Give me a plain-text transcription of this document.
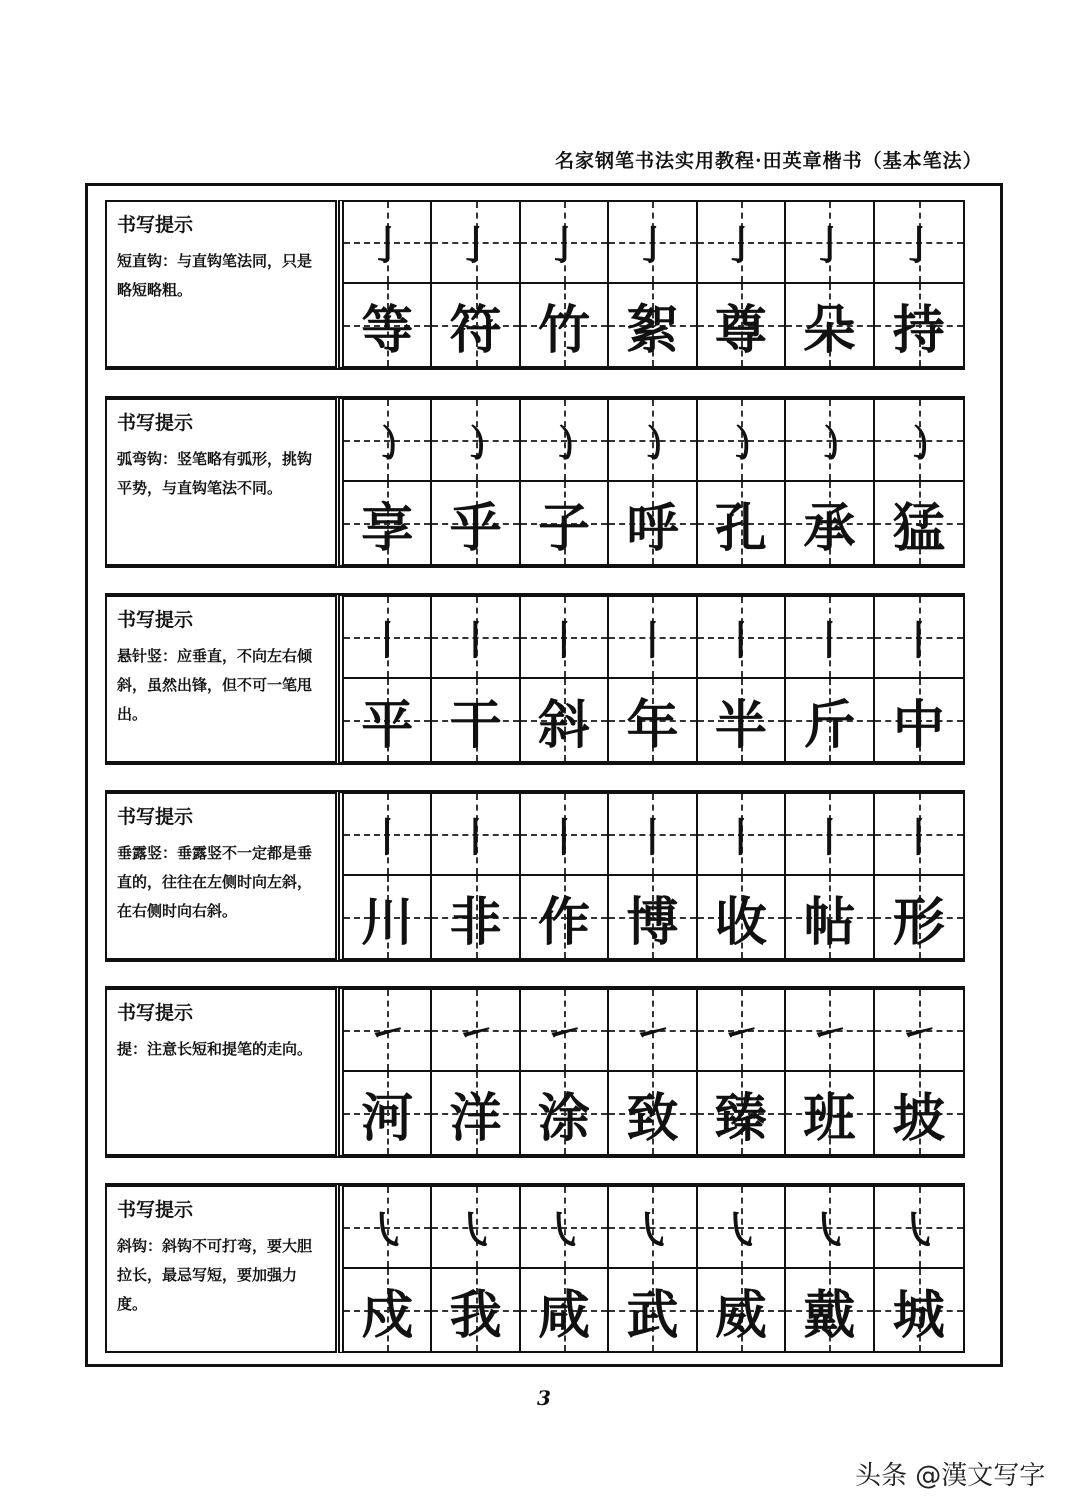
名家钢笔书法实用教程·田英章楷书（基本笔法）
书写提示
短直钩：与直钩笔法同，只是略短略粗。
亅 亅 亅 亅 亅 亅 亅
等 符 竹 絮 尊 朵 持
书写提示
弧弯钩：竖笔略有弧形，挑钩平势，与直钩笔法不同。
㇁ ㇁ ㇁ ㇁ ㇁ ㇁ ㇁
享 乎 子 呼 孔 承 猛
书写提示
悬针竖：应垂直，不向左右倾斜，虽然出锋，但不可一笔甩出。
丨 丨 丨 丨 丨 丨 丨
平 干 斜 年 半 斤 中
书写提示
垂露竖：垂露竖不一定都是垂直的，往往在左侧时向左斜，在右侧时向右斜。
丨 丨 丨 丨 丨 丨 丨
川 非 作 博 收 帖 形
书写提示
提：注意长短和提笔的走向。	㇀ ㇀ ㇀ ㇀ ㇀ ㇀ ㇀
河 洋 涂 致 臻 班 坡
书写提示
斜钩：斜钩不可打弯，要大胆拉长，最忌写短，要加强力度。
㇂ ㇂ ㇂ ㇂ ㇂ ㇂ ㇂
戍 我 咸 武 威 戴 城
3
头条 @漢文写字
